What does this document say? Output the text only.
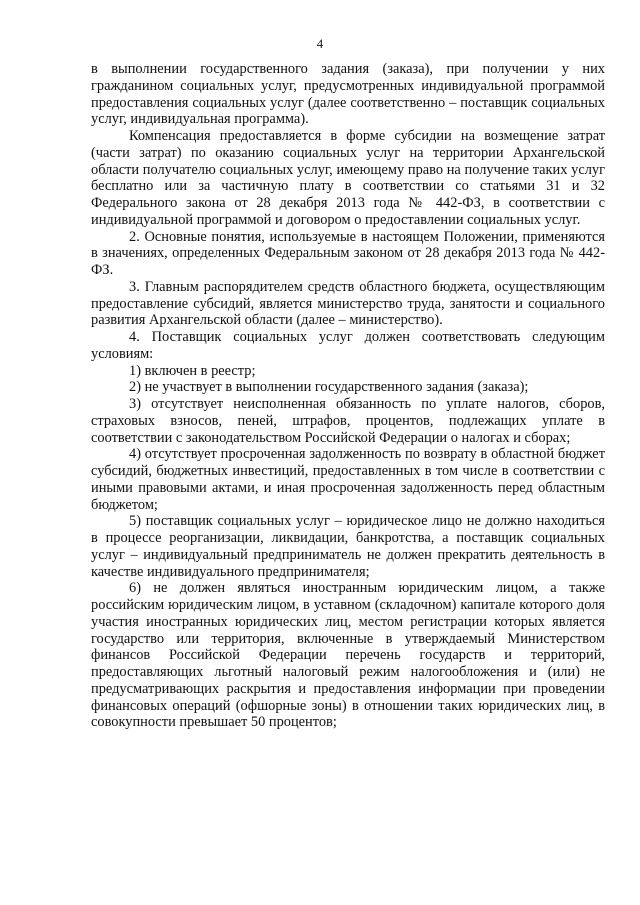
4

в выполнении государственного задания (заказа), при получении у них гражданином социальных услуг, предусмотренных индивидуальной программой предоставления социальных услуг (далее соответственно – поставщик социальных услуг, индивидуальная программа).

Компенсация предоставляется в форме субсидии на возмещение затрат (части затрат) по оказанию социальных услуг на территории Архангельской области получателю социальных услуг, имеющему право на получение таких услуг бесплатно или за частичную плату в соответствии со статьями 31 и 32 Федерального закона от 28 декабря 2013 года № 442-ФЗ, в соответствии с индивидуальной программой и договором о предоставлении социальных услуг.

2. Основные понятия, используемые в настоящем Положении, применяются в значениях, определенных Федеральным законом от 28 декабря 2013 года № 442-ФЗ.

3. Главным распорядителем средств областного бюджета, осуществляющим предоставление субсидий, является министерство труда, занятости и социального развития Архангельской области (далее – министерство).

4. Поставщик социальных услуг должен соответствовать следующим условиям:

1) включен в реестр;

2) не участвует в выполнении государственного задания (заказа);

3) отсутствует неисполненная обязанность по уплате налогов, сборов, страховых взносов, пеней, штрафов, процентов, подлежащих уплате в соответствии с законодательством Российской Федерации о налогах и сборах;

4) отсутствует просроченная задолженность по возврату в областной бюджет субсидий, бюджетных инвестиций, предоставленных в том числе в соответствии с иными правовыми актами, и иная просроченная задолженность перед областным бюджетом;

5) поставщик социальных услуг – юридическое лицо не должно находиться в процессе реорганизации, ликвидации, банкротства, а поставщик социальных услуг – индивидуальный предприниматель не должен прекратить деятельность в качестве индивидуального предпринимателя;

6) не должен являться иностранным юридическим лицом, а также российским юридическим лицом, в уставном (складочном) капитале которого доля участия иностранных юридических лиц, местом регистрации которых является государство или территория, включенные в утверждаемый Министерством финансов Российской Федерации перечень государств и территорий, предоставляющих льготный налоговый режим налогообложения и (или) не предусматривающих раскрытия и предоставления информации при проведении финансовых операций (офшорные зоны) в отношении таких юридических лиц, в совокупности превышает 50 процентов;
